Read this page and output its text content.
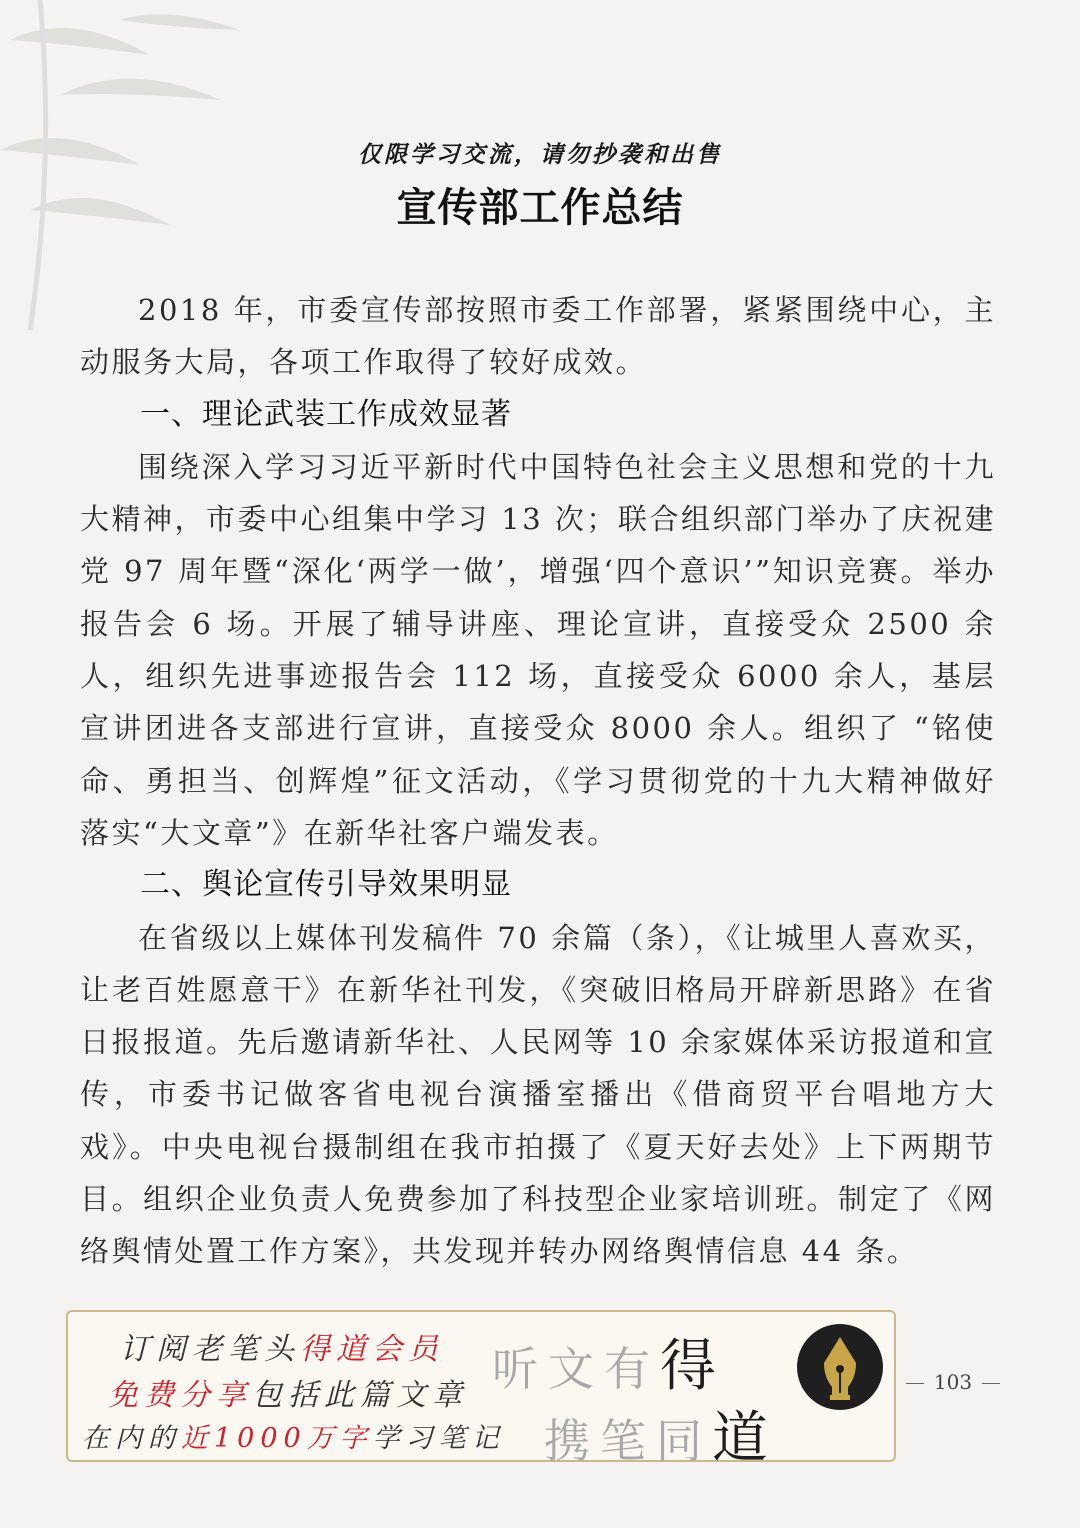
仅限学习交流，请勿抄袭和出售
宣传部工作总结

2018 年，市委宣传部按照市委工作部署，紧紧围绕中心，主动服务大局，各项工作取得了较好成效。

一、理论武装工作成效显著

围绕深入学习习近平新时代中国特色社会主义思想和党的十九大精神，市委中心组集中学习 13 次；联合组织部门举办了庆祝建党 97 周年暨“深化‘两学一做’，增强‘四个意识’”知识竞赛。举办报告会 6 场。开展了辅导讲座、理论宣讲，直接受众 2500 余人，组织先进事迹报告会 112 场，直接受众 6000 余人，基层宣讲团进各支部进行宣讲，直接受众 8000 余人。组织了 “铭使命、勇担当、创辉煌”征文活动，《学习贯彻党的十九大精神做好落实“大文章”》在新华社客户端发表。

二、舆论宣传引导效果明显

在省级以上媒体刊发稿件 70 余篇（条），《让城里人喜欢买，让老百姓愿意干》在新华社刊发，《突破旧格局开辟新思路》在省日报报道。先后邀请新华社、人民网等 10 余家媒体采访报道和宣传，市委书记做客省电视台演播室播出《借商贸平台唱地方大戏》。中央电视台摄制组在我市拍摄了《夏天好去处》上下两期节目。组织企业负责人免费参加了科技型企业家培训班。制定了《网络舆情处置工作方案》，共发现并转办网络舆情信息 44 条。

订阅老笔头得道会员
免费分享包括此篇文章
在内的近1000万字学习笔记
听文有得
携笔同道
103
